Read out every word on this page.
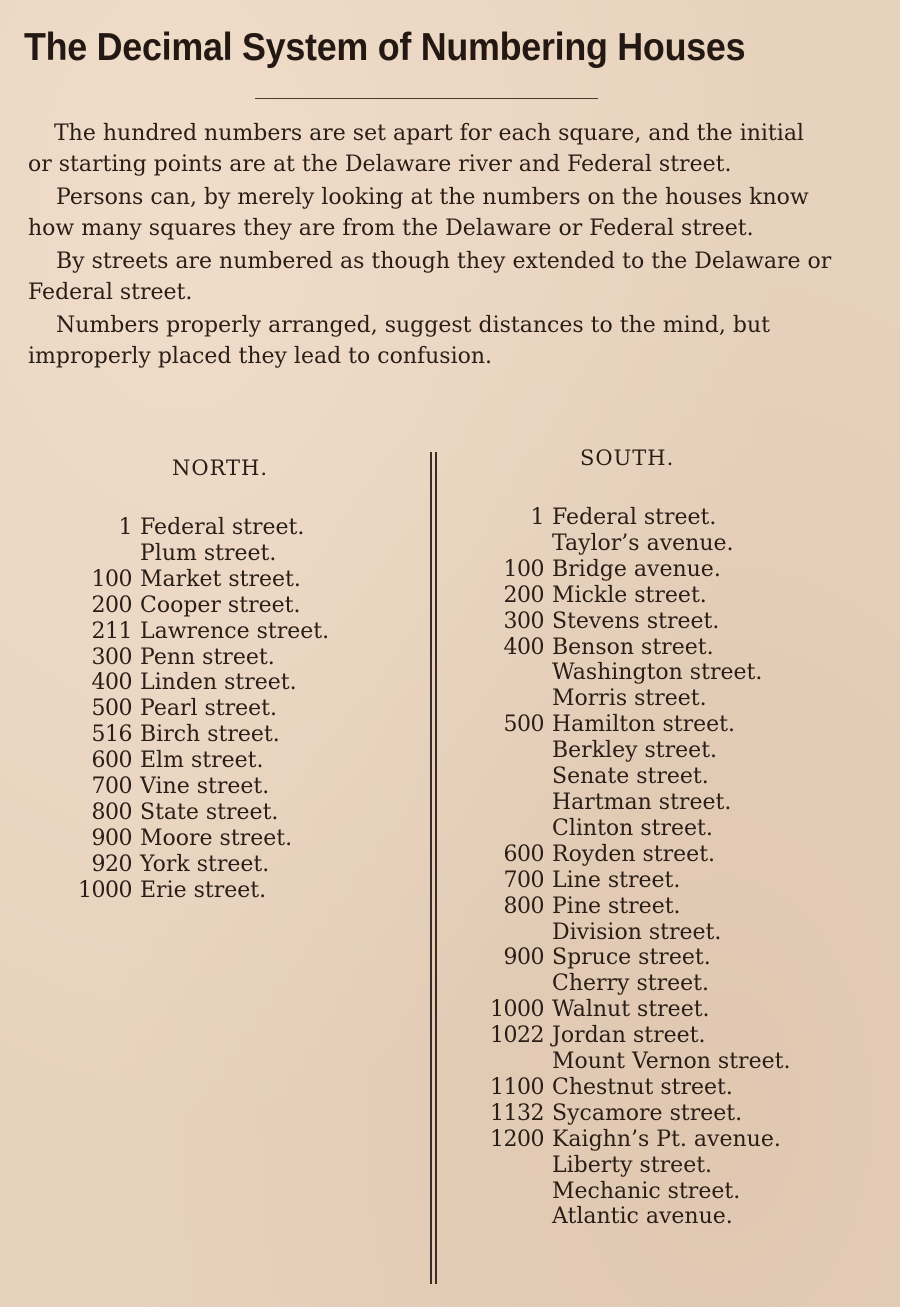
The Decimal System of Numbering Houses

The hundred numbers are set apart for each square, and the initial or starting points are at the Delaware river and Federal street.

Persons can, by merely looking at the numbers on the houses know how many squares they are from the Delaware or Federal street.

By streets are numbered as though they extended to the Delaware or Federal street.

Numbers properly arranged, suggest distances to the mind, but improperly placed they lead to confusion.

NORTH.	SOUTH.
1 Federal street.
Plum street.
100 Market street.
200 Cooper street.
211 Lawrence street.
300 Penn street.
400 Linden street.
500 Pearl street.
516 Birch street.
600 Elm street.
700 Vine street.
800 State street.
900 Moore street.
920 York street.
1000 Erie street.
1 Federal street.
Taylor’s avenue.
100 Bridge avenue.
200 Mickle street.
300 Stevens street.
400 Benson street.
Washington street.
Morris street.
500 Hamilton street.
Berkley street.
Senate street.
Hartman street.
Clinton street.
600 Royden street.
700 Line street.
800 Pine street.
Division street.
900 Spruce street.
Cherry street.
1000 Walnut street.
1022 Jordan street.
Mount Vernon street.
1100 Chestnut street.
1132 Sycamore street.
1200 Kaighn’s Pt. avenue.
Liberty street.
Mechanic street.
Atlantic avenue.
